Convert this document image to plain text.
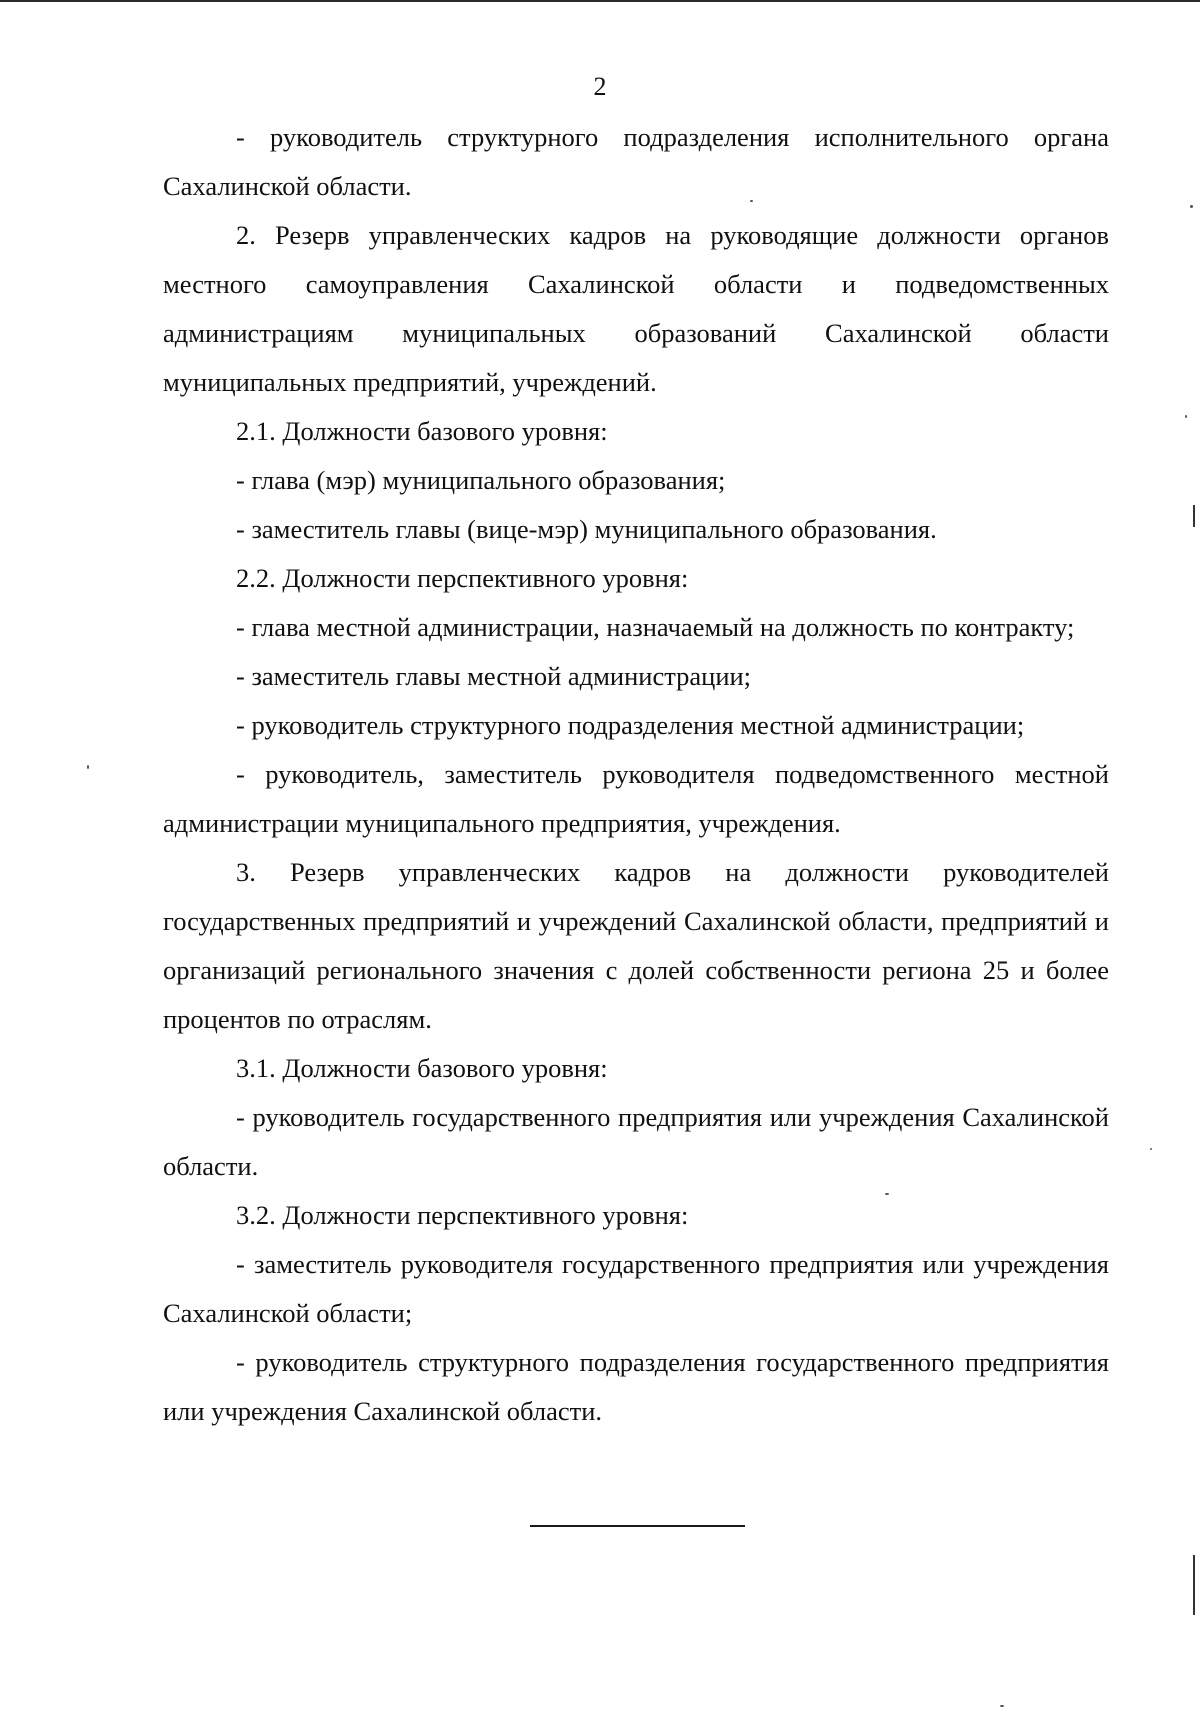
2

- руководитель структурного подразделения исполнительного органа Сахалинской области.

2. Резерв управленческих кадров на руководящие должности органов местного самоуправления Сахалинской области и подведомственных администрациям муниципальных образований Сахалинской области муниципальных предприятий, учреждений.

2.1. Должности базового уровня:

- глава (мэр) муниципального образования;

- заместитель главы (вице-мэр) муниципального образования.

2.2. Должности перспективного уровня:

- глава местной администрации, назначаемый на должность по контракту;

- заместитель главы местной администрации;

- руководитель структурного подразделения местной администрации;

- руководитель, заместитель руководителя подведомственного местной администрации муниципального предприятия, учреждения.

3. Резерв управленческих кадров на должности руководителей государственных предприятий и учреждений Сахалинской области, предприятий и организаций регионального значения с долей собственности региона 25 и более процентов по отраслям.

3.1. Должности базового уровня:

- руководитель государственного предприятия или учреждения Сахалинской области.

3.2. Должности перспективного уровня:

- заместитель руководителя государственного предприятия или учреждения Сахалинской области;

- руководитель структурного подразделения государственного предприятия или учреждения Сахалинской области.
